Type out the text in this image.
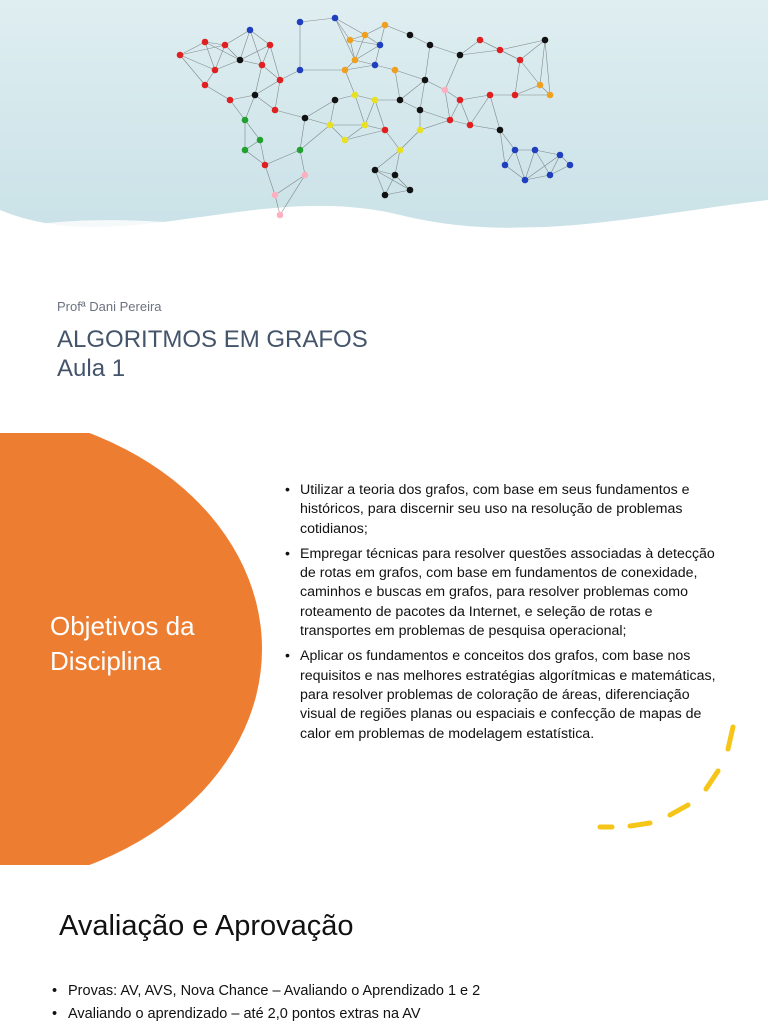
Profª Dani Pereira
ALGORITMOS EM GRAFOS
Aula 1
Objetivos da
Disciplina
• Utilizar a teoria dos grafos, com base em seus fundamentos e históricos, para discernir seu uso na resolução de problemas cotidianos;
• Empregar técnicas para resolver questões associadas à detecção de rotas em grafos, com base em fundamentos de conexidade, caminhos e buscas em grafos, para resolver problemas como roteamento de pacotes da Internet, e seleção de rotas e transportes em problemas de pesquisa operacional;
• Aplicar os fundamentos e conceitos dos grafos, com base nos requisitos e nas melhores estratégias algorítmicas e matemáticas, para resolver problemas de coloração de áreas, diferenciação visual de regiões planas ou espaciais e confecção de mapas de calor em problemas de modelagem estatística.
Avaliação e Aprovação
• Provas: AV, AVS, Nova Chance – Avaliando o Aprendizado 1 e 2
• Avaliando o aprendizado – até 2,0 pontos extras na AV
